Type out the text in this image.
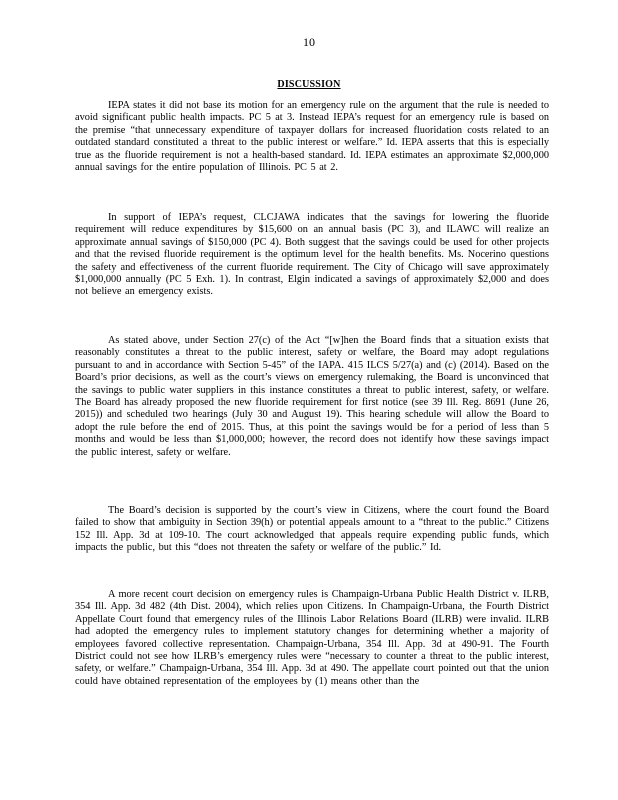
10
DISCUSSION

IEPA states it did not base its motion for an emergency rule on the argument that the rule is needed to avoid significant public health impacts. PC 5 at 3. Instead IEPA’s request for an emergency rule is based on the premise “that unnecessary expenditure of taxpayer dollars for increased fluoridation costs related to an outdated standard constituted a threat to the public interest or welfare.” Id. IEPA asserts that this is especially true as the fluoride requirement is not a health-based standard. Id. IEPA estimates an approximate $2,000,000 annual savings for the entire population of Illinois. PC 5 at 2.

In support of IEPA’s request, CLCJAWA indicates that the savings for lowering the fluoride requirement will reduce expenditures by $15,600 on an annual basis (PC 3), and ILAWC will realize an approximate annual savings of $150,000 (PC 4). Both suggest that the savings could be used for other projects and that the revised fluoride requirement is the optimum level for the health benefits. Ms. Nocerino questions the safety and effectiveness of the current fluoride requirement. The City of Chicago will save approximately $1,000,000 annually (PC 5 Exh. 1). In contrast, Elgin indicated a savings of approximately $2,000 and does not believe an emergency exists.

As stated above, under Section 27(c) of the Act “[w]hen the Board finds that a situation exists that reasonably constitutes a threat to the public interest, safety or welfare, the Board may adopt regulations pursuant to and in accordance with Section 5-45” of the IAPA. 415 ILCS 5/27(a) and (c) (2014). Based on the Board’s prior decisions, as well as the court’s views on emergency rulemaking, the Board is unconvinced that the savings to public water suppliers in this instance constitutes a threat to public interest, safety, or welfare. The Board has already proposed the new fluoride requirement for first notice (see 39 Ill. Reg. 8691 (June 26, 2015)) and scheduled two hearings (July 30 and August 19). This hearing schedule will allow the Board to adopt the rule before the end of 2015. Thus, at this point the savings would be for a period of less than 5 months and would be less than $1,000,000; however, the record does not identify how these savings impact the public interest, safety or welfare.

The Board’s decision is supported by the court’s view in Citizens, where the court found the Board failed to show that ambiguity in Section 39(h) or potential appeals amount to a “threat to the public.” Citizens 152 Ill. App. 3d at 109-10. The court acknowledged that appeals require expending public funds, which impacts the public, but this “does not threaten the safety or welfare of the public.” Id.

A more recent court decision on emergency rules is Champaign-Urbana Public Health District v. ILRB, 354 Ill. App. 3d 482 (4th Dist. 2004), which relies upon Citizens. In Champaign-Urbana, the Fourth District Appellate Court found that emergency rules of the Illinois Labor Relations Board (ILRB) were invalid. ILRB had adopted the emergency rules to implement statutory changes for determining whether a majority of employees favored collective representation. Champaign-Urbana, 354 Ill. App. 3d at 490-91. The Fourth District could not see how ILRB’s emergency rules were “necessary to counter a threat to the public interest, safety, or welfare.” Champaign-Urbana, 354 Ill. App. 3d at 490. The appellate court pointed out that the union could have obtained representation of the employees by (1) means other than the
